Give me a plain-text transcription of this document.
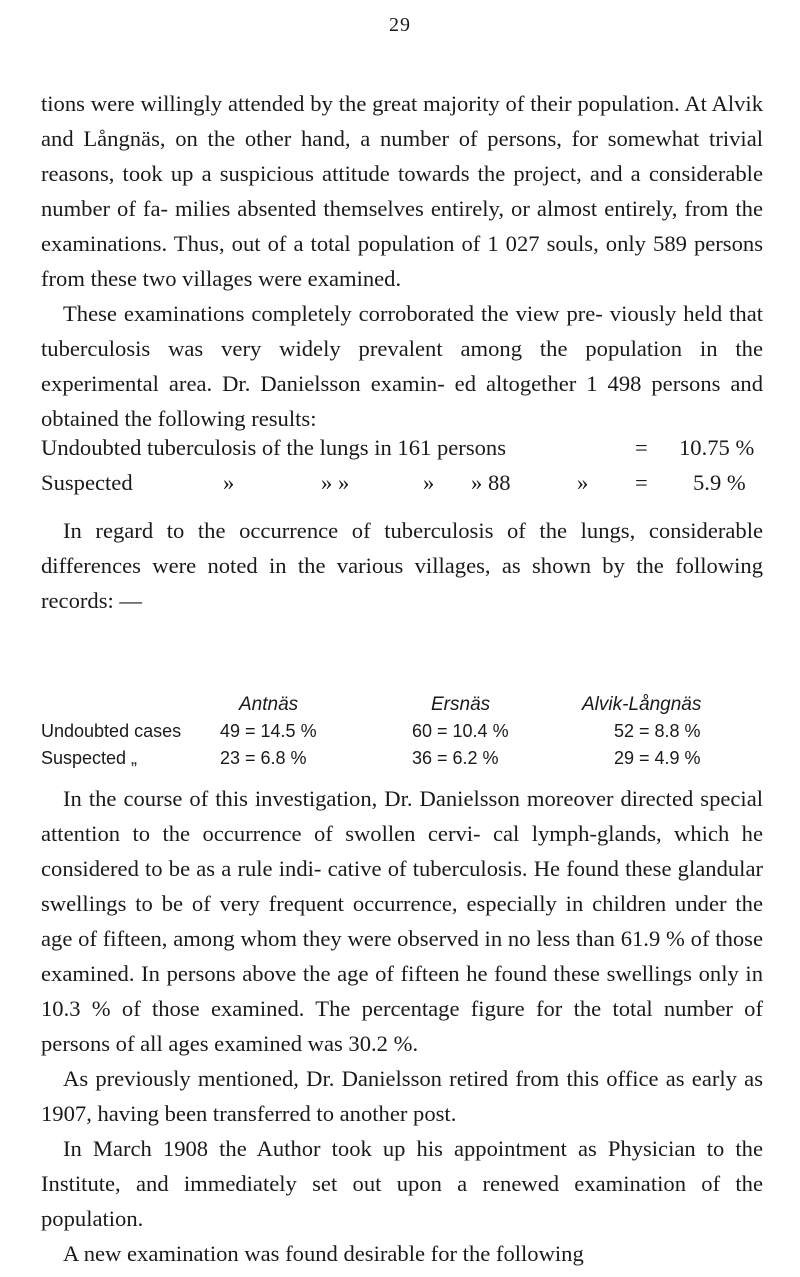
29

tions were willingly attended by the great majority of their population. At Alvik and Långnäs, on the other hand, a number of persons, for somewhat trivial reasons, took up a suspicious attitude towards the project, and a considerable number of fa- milies absented themselves entirely, or almost entirely, from the examinations. Thus, out of a total population of 1 027 souls, only 589 persons from these two villages were examined.

These examinations completely corroborated the view pre- viously held that tuberculosis was very widely prevalent among the population in the experimental area. Dr. Danielsson examin- ed altogether 1 498 persons and obtained the following results:

Undoubted tuberculosis of the lungs in 161 persons	= 10.75 %
Suspected	»	» »	» » 88	» = 5.9 %

In regard to the occurrence of tuberculosis of the lungs, considerable differences were noted in the various villages, as shown by the following records: —

Antnäs	Ersnäs	Alvik-Långnäs
Undoubted cases 49 = 14.5 %	60 = 10.4 %	52 = 8.8 %
Suspected „	23 = 6.8 %	36 = 6.2 %	29 = 4.9 %

In the course of this investigation, Dr. Danielsson moreover directed special attention to the occurrence of swollen cervi- cal lymph-glands, which he considered to be as a rule indi- cative of tuberculosis. He found these glandular swellings to be of very frequent occurrence, especially in children under the age of fifteen, among whom they were observed in no less than 61.9 % of those examined. In persons above the age of fifteen he found these swellings only in 10.3 % of those examined. The percentage figure for the total number of persons of all ages examined was 30.2 %.

As previously mentioned, Dr. Danielsson retired from this office as early as 1907, having been transferred to another post.

In March 1908 the Author took up his appointment as Physician to the Institute, and immediately set out upon a renewed examination of the population.

A new examination was found desirable for the following
